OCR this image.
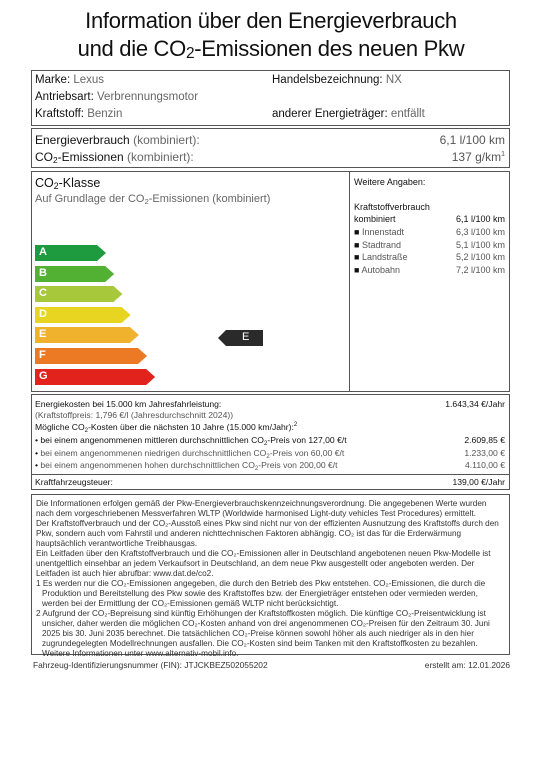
Information über den Energieverbrauch
und die $CO_2$-Emissionen des neuen Pkw
Marke: Lexus	Handelsbezeichnung: NX
Antriebsart: Verbrennungsmotor
Kraftstoff: Benzin	anderer Energieträger: entfällt
Energieverbrauch (kombiniert):	6,1 l/100 km
$CO_2$-Emissionen (kombiniert):	137 $g/km^1$
$CO_2$-Klasse
Auf Grundlage der $CO_2$-Emissionen (kombiniert)
Weitere Angaben:
Kraftstoffverbrauch
kombiniert	6,1 l/100 km
■ Innenstadt	6,3 l/100 km
■ Stadtrand	5,1 l/100 km
■ Landstraße	5,2 l/100 km
■ Autobahn	7,2 l/100 km
A
B
C
D
E
F
G
E
Energiekosten bei 15.000 km Jahresfahrleistung:	1.643,34 €/Jahr
(Kraftstoffpreis: 1,796 €/l (Jahresdurchschnitt 2024))
Mögliche $CO_2$-Kosten über die nächsten 10 Jahre (15.000 km/Jahr):$^2$
• bei einem angenommenen mittleren durchschnittlichen $CO_2$-Preis von 127,00 €/t	2.609,85 €
• bei einem angenommenen niedrigen durchschnittlichen $CO_2$-Preis von 60,00 €/t	1.233,00 €
• bei einem angenommenen hohen durchschnittlichen $CO_2$-Preis von 200,00 €/t	4.110,00 €
Kraftfahrzeugsteuer:	139,00 €/Jahr
Die Informationen erfolgen gemäß der Pkw-Energieverbrauchskennzeichnungsverordnung. Die angegebenen Werte wurden nach dem vorgeschriebenen Messverfahren WLTP (Worldwide harmonised Light-duty vehicles Test Procedures) ermittelt.
Der Kraftstoffverbrauch und der CO₂-Ausstoß eines Pkw sind nicht nur von der effizienten Ausnutzung des Kraftstoffs durch den Pkw, sondern auch vom Fahrstil und anderen nichttechnischen Faktoren abhängig. CO₂ ist das für die Erderwärmung hauptsächlich verantwortliche Treibhausgas.
Ein Leitfaden über den Kraftstoffverbrauch und die CO₂-Emissionen aller in Deutschland angebotenen neuen Pkw-Modelle ist unentgeltlich einsehbar an jedem Verkaufsort in Deutschland, an dem neue Pkw ausgestellt oder angeboten werden. Der Leitfaden ist auch hier abrufbar: www.dat.de/co2.
1 Es werden nur die CO₂-Emissionen angegeben, die durch den Betrieb des Pkw entstehen. CO₂-Emissionen, die durch die Produktion und Bereitstellung des Pkw sowie des Kraftstoffes bzw. der Energieträger entstehen oder vermieden werden, werden bei der Ermittlung der CO₂-Emissionen gemäß WLTP nicht berücksichtigt.
2 Aufgrund der CO₂-Bepreisung sind künftig Erhöhungen der Kraftstoffkosten möglich. Die künftige CO₂-Preisentwicklung ist unsicher, daher werden die möglichen CO₂-Kosten anhand von drei angenommenen CO₂-Preisen für den Zeitraum 30. Juni 2025 bis 30. Juni 2035 berechnet. Die tatsächlichen CO₂-Preise können sowohl höher als auch niedriger als in den hier zugrundegelegten Modellrechnungen ausfallen. Die CO₂-Kosten sind beim Tanken mit den Kraftstoffkosten zu bezahlen. Weitere Informationen unter www.alternativ-mobil.info.
Fahrzeug-Identifizierungsnummer (FIN): JTJCKBEZ502055202	erstellt am: 12.01.2026
